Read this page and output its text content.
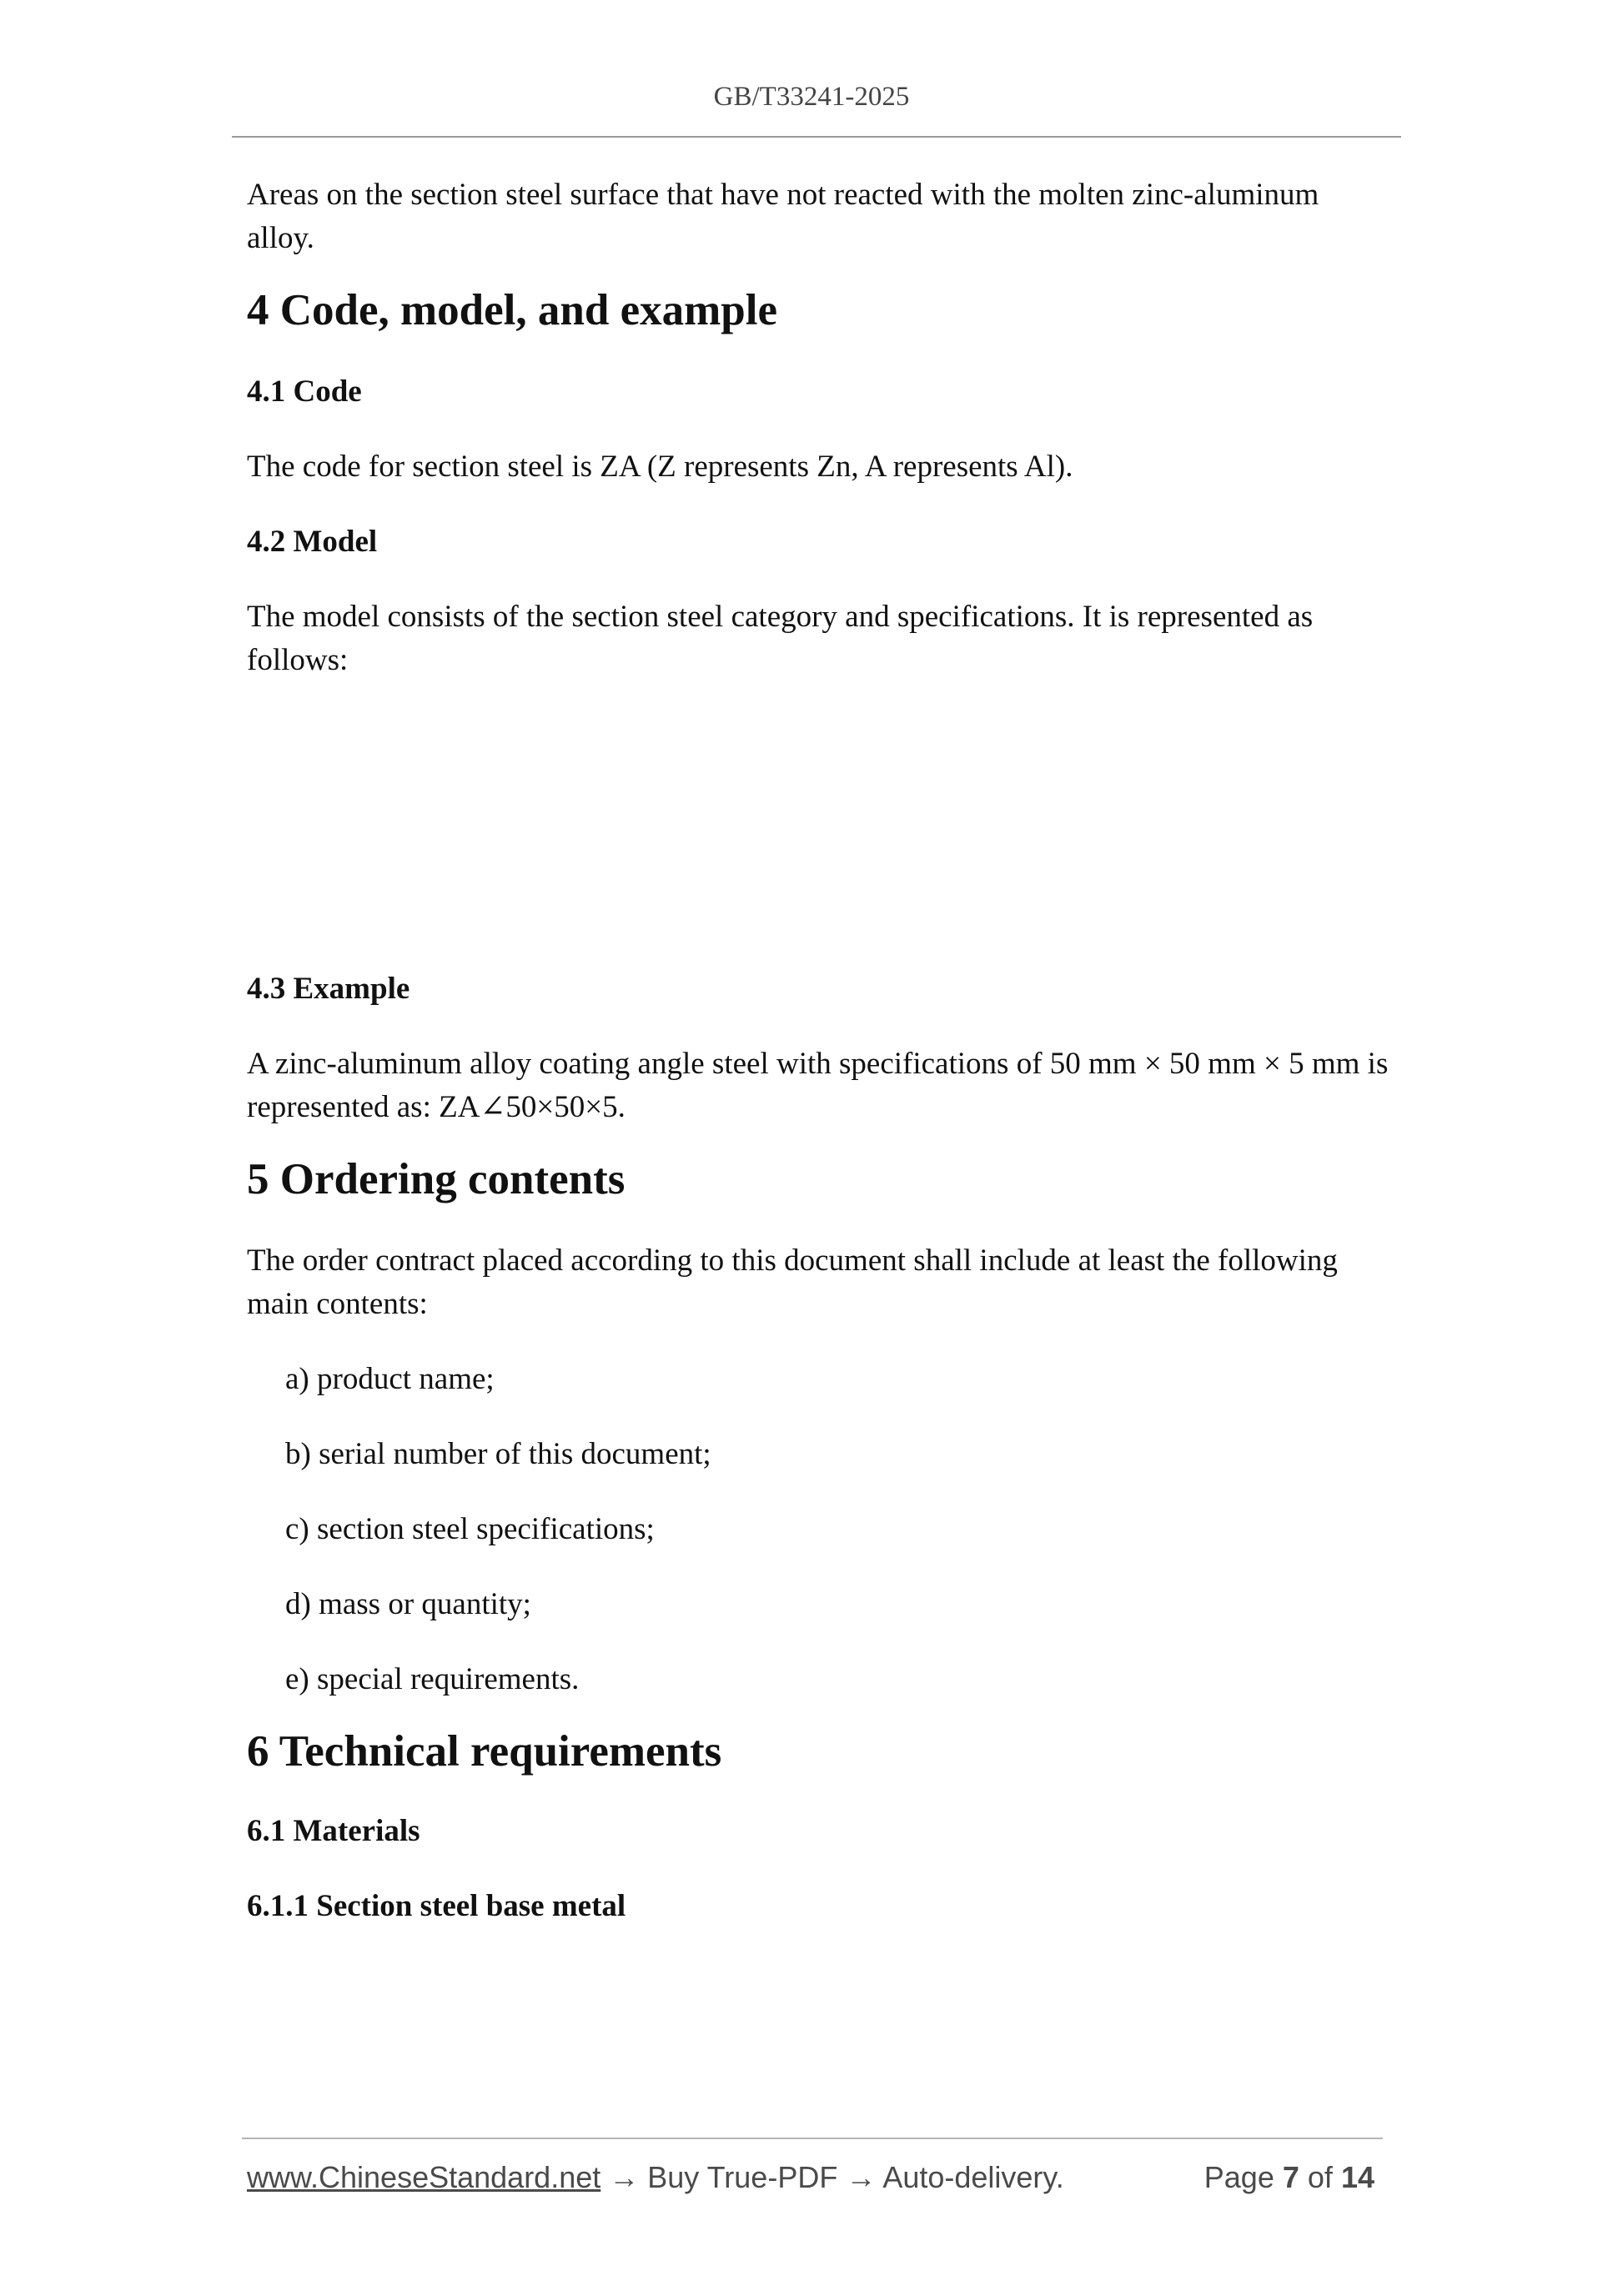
GB/T33241-2025

Areas on the section steel surface that have not reacted with the molten zinc-aluminum alloy.

4 Code, model, and example
4.1 Code

The code for section steel is ZA (Z represents Zn, A represents Al).

4.2 Model

The model consists of the section steel category and specifications. It is represented as follows:

4.3 Example

A zinc-aluminum alloy coating angle steel with specifications of 50 mm × 50 mm × 5 mm is represented as: ZA∠50×50×5.

5 Ordering contents

The order contract placed according to this document shall include at least the following main contents:

a) product name;

b) serial number of this document;

c) section steel specifications;

d) mass or quantity;

e) special requirements.

6 Technical requirements
6.1 Materials
6.1.1 Section steel base metal
www.ChineseStandard.net → Buy True-PDF → Auto-delivery.	Page 7 of 14
